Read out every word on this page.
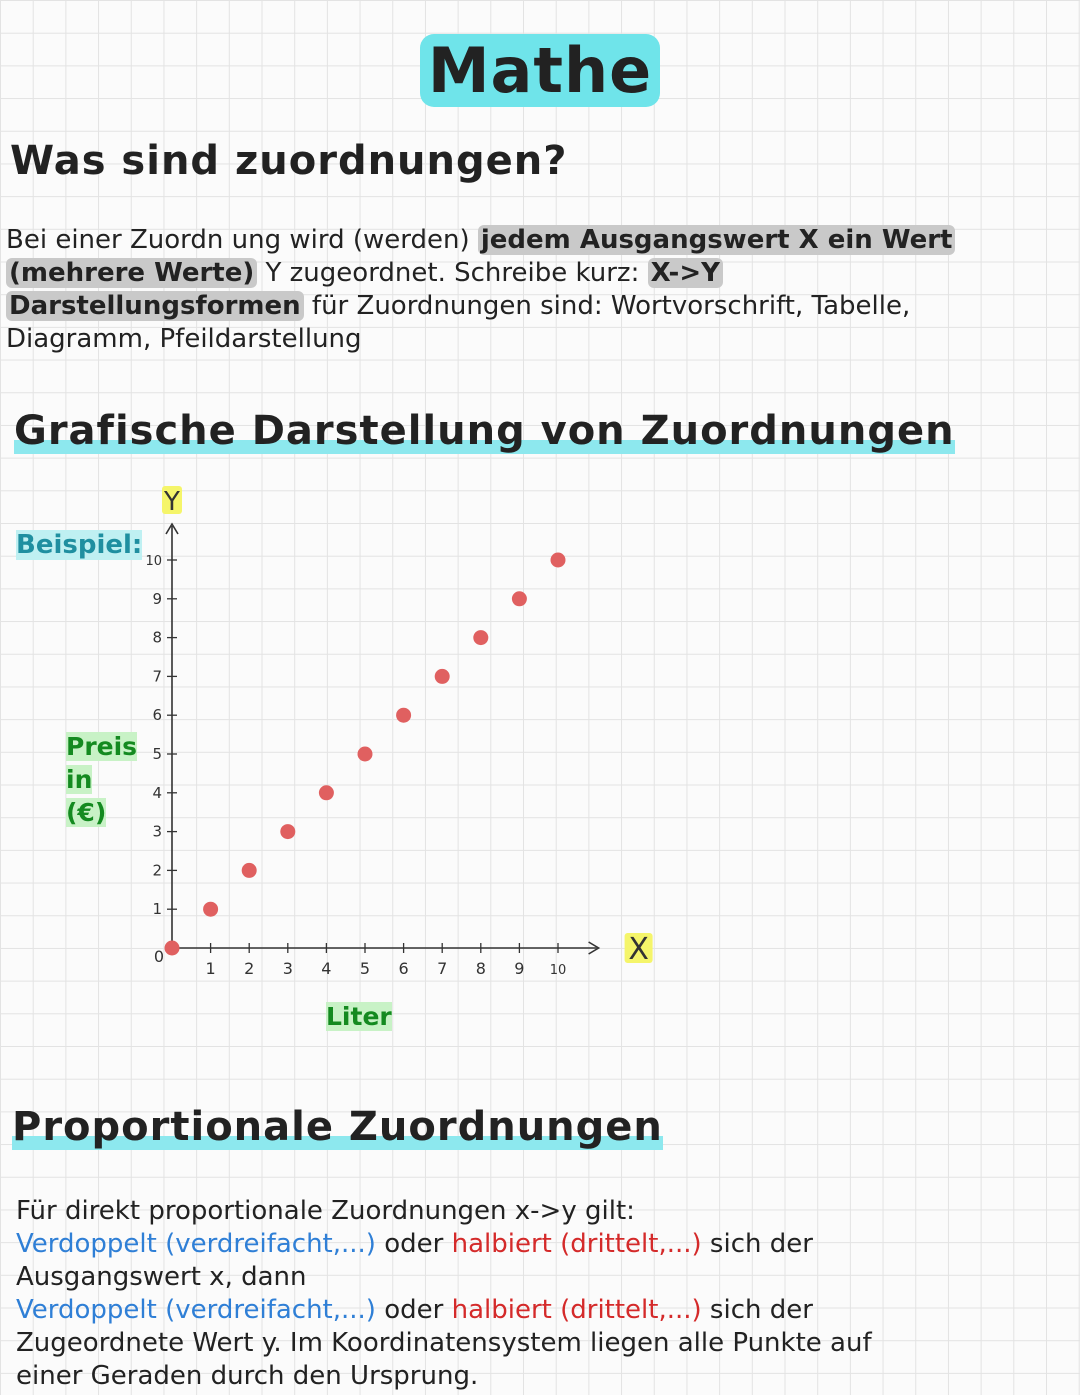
Mathe
Was sind zuordnungen?
Bei einer Zuordn ung wird (werden) jedem Ausgangswert X ein Wert
(mehrere Werte) Y zugeordnet. Schreibe kurz: X->Y
Darstellungsformen für Zuordnungen sind: Wortvorschrift, Tabelle,
Diagramm, Pfeildarstellung
Grafische Darstellung von Zuordnungen
Beispiel:
Preis
in
(€)
Liter
Y
X
0
1 2 3 4 5 6 7 8 9 10
1
2
3
4
5
6
7
8
9
10
Proportionale Zuordnungen
Für direkt proportionale Zuordnungen x->y gilt:
Verdoppelt (verdreifacht,...) oder halbiert (drittelt,...) sich der
Ausgangswert x, dann
Verdoppelt (verdreifacht,...) oder halbiert (drittelt,...) sich der
Zugeordnete Wert y. Im Koordinatensystem liegen alle Punkte auf
einer Geraden durch den Ursprung.
